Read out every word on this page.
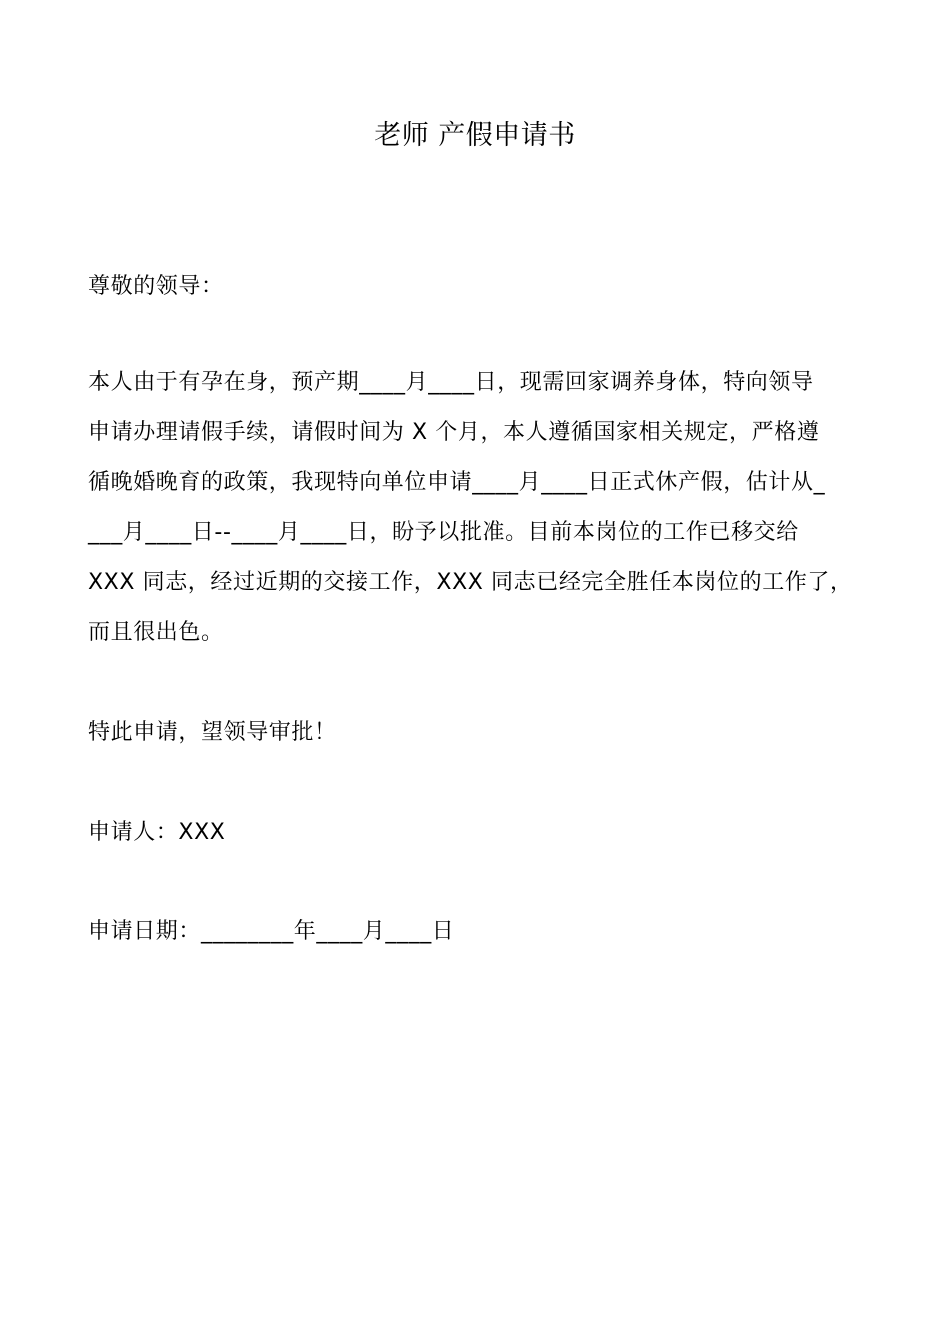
老师 产假申请书

尊敬的领导：

本人由于有孕在身，预产期____月____日，现需回家调养身体，特向领导
申请办理请假手续，请假时间为 X 个月，本人遵循国家相关规定，严格遵
循晚婚晚育的政策，我现特向单位申请____月____日正式休产假，估计从_
___月____日--____月____日，盼予以批准。目前本岗位的工作已移交给
XXX 同志，经过近期的交接工作，XXX 同志已经完全胜任本岗位的工作了，
而且很出色。

特此申请，望领导审批！

申请人：XXX

申请日期：________年____月____日
